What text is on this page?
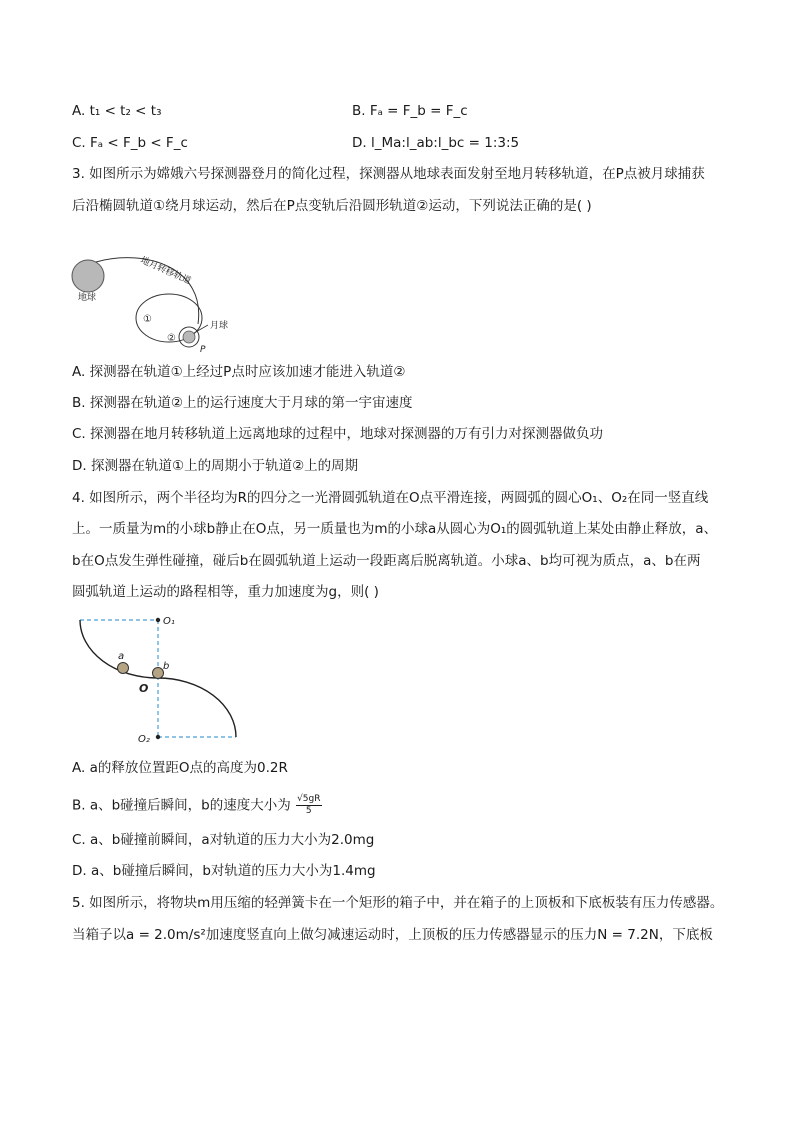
A. t₁ < t₂ < t₃	B. Fₐ = F_b = F_c
C. Fₐ < F_b < F_c	D. l_Ma:l_ab:l_bc = 1:3:5
3. 如图所示为嫦娥六号探测器登月的简化过程，探测器从地球表面发射至地月转移轨道，在P点被月球捕获
后沿椭圆轨道①绕月球运动，然后在P点变轨后沿圆形轨道②运动，下列说法正确的是( )
地球
地月转移轨道
月球
①
②
P
A. 探测器在轨道①上经过P点时应该加速才能进入轨道②
B. 探测器在轨道②上的运行速度大于月球的第一宇宙速度
C. 探测器在地月转移轨道上远离地球的过程中，地球对探测器的万有引力对探测器做负功
D. 探测器在轨道①上的周期小于轨道②上的周期
4. 如图所示，两个半径均为R的四分之一光滑圆弧轨道在O点平滑连接，两圆弧的圆心O₁、O₂在同一竖直线
上。一质量为m的小球b静止在O点，另一质量也为m的小球a从圆心为O₁的圆弧轨道上某处由静止释放，a、
b在O点发生弹性碰撞，碰后b在圆弧轨道上运动一段距离后脱离轨道。小球a、b均可视为质点，a、b在两
圆弧轨道上运动的路程相等，重力加速度为g，则( )
O₁
a
b
O
O₂
A. a的释放位置距O点的高度为0.2R
B. a、b碰撞后瞬间，b的速度大小为 $\frac{√5gR}{5}$
C. a、b碰撞前瞬间，a对轨道的压力大小为2.0mg
D. a、b碰撞后瞬间，b对轨道的压力大小为1.4mg
5. 如图所示，将物块m用压缩的轻弹簧卡在一个矩形的箱子中，并在箱子的上顶板和下底板装有压力传感器。
当箱子以a = 2.0m/s²加速度竖直向上做匀减速运动时，上顶板的压力传感器显示的压力N = 7.2N，下底板
